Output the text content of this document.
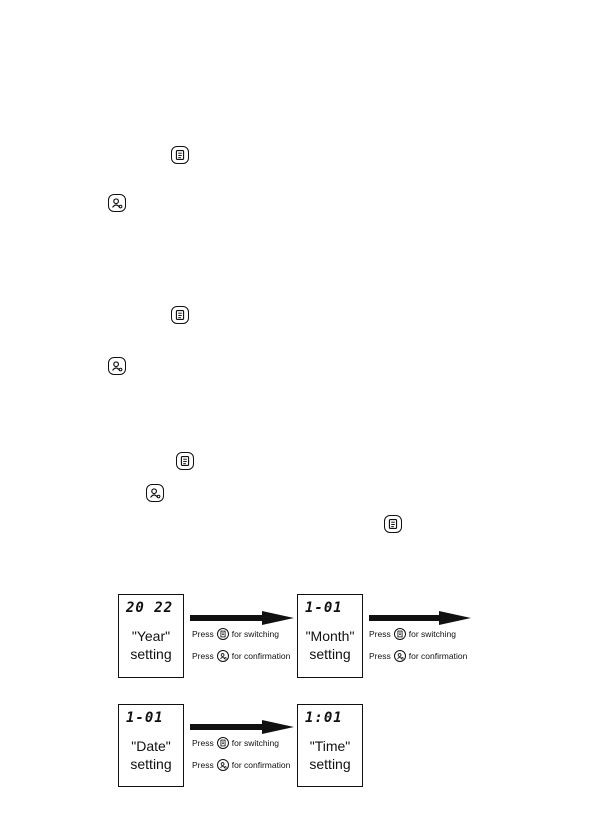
20 22
"Year"
setting
Press for switching
Press for confirmation
1-01
"Month"
setting
Press for switching
Press for confirmation
1-01
"Date"
setting
Press for switching
Press for confirmation
1:01
"Time"
setting
